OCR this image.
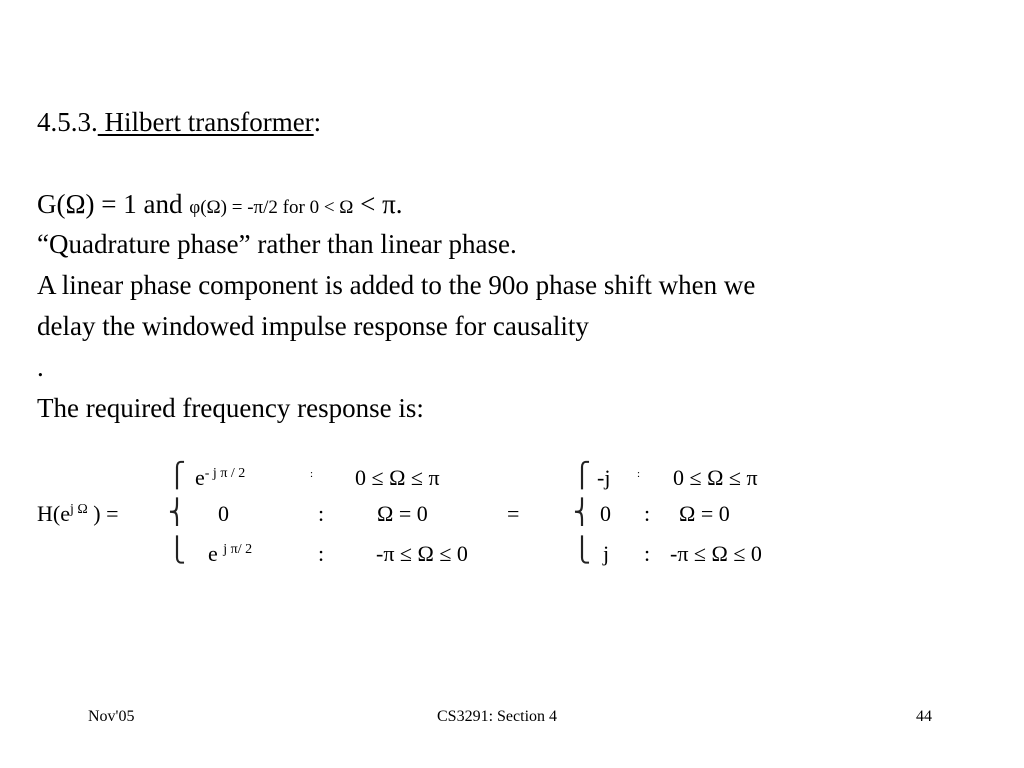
4.5.3. Hilbert transformer:
G(Ω) = 1 and φ(Ω) = -π/2 for 0 < Ω < π.
“Quadrature phase” rather than linear phase.
A linear phase component is added to the 90o phase shift when we
delay the windowed impulse response for causality
.
The required frequency response is:
$H(e^{j \Omega}$ ) =
⎧
⎨
⎩
$e^{- j \pi / 2}$	: 0 ≤ Ω ≤ π
0	: Ω = 0
e $^{j \pi/ 2}$	: -π ≤ Ω ≤ 0
=
⎧
⎨
⎩
-j : 0 ≤ Ω ≤ π
0 : Ω = 0
j : -π ≤ Ω ≤ 0
Nov'05	CS3291: Section 4	44
